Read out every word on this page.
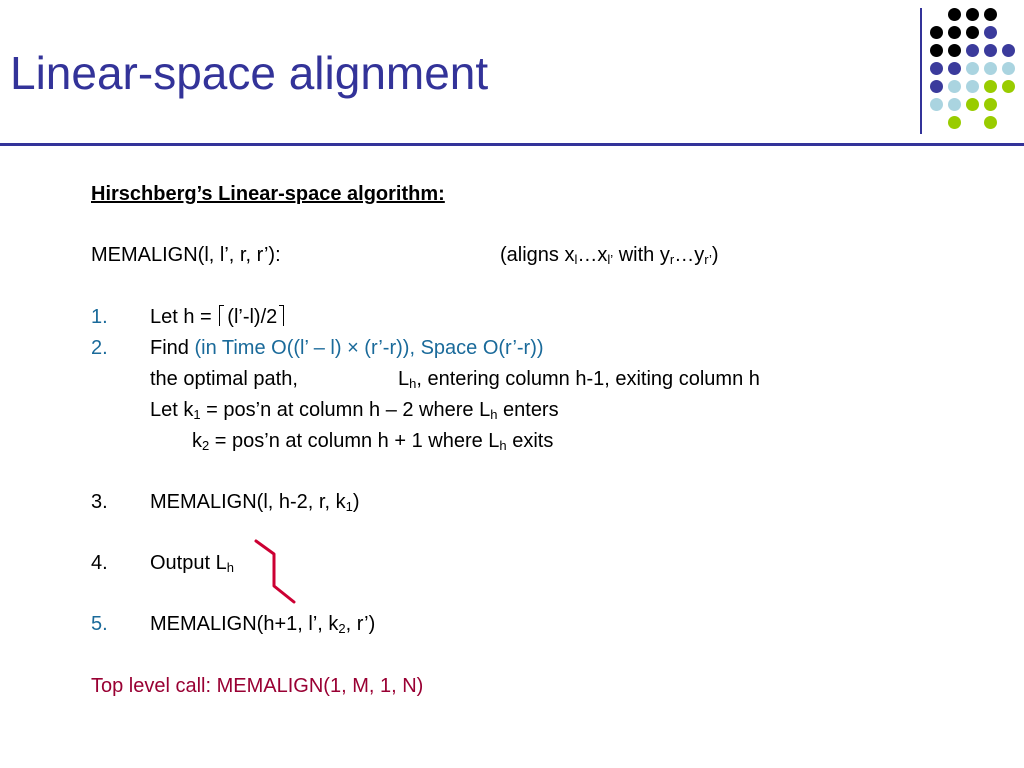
Linear-space alignment
Hirschberg’s Linear-space algorithm:
MEMALIGN(l, l’, r, r’):	(aligns $x_l\dots x_{l’}$ with $y_r\dots y_{r’}$)
1. Let h = (l’-l)/2
2. Find (in Time O((l’ – l) × (r’-r)), Space O(r’-r))
the optimal path,	$L_h$, entering column h-1, exiting column h
Let $k_1$ = pos’n at column h – 2 where $L_h$ enters
$k_2$ = pos’n at column h + 1 where $L_h$ exits
3. MEMALIGN(l, h-2, r, $k_1$)
4. Output $L_h$
5. MEMALIGN(h+1, l’, $k_2$, r’)
Top level call: MEMALIGN(1, M, 1, N)
